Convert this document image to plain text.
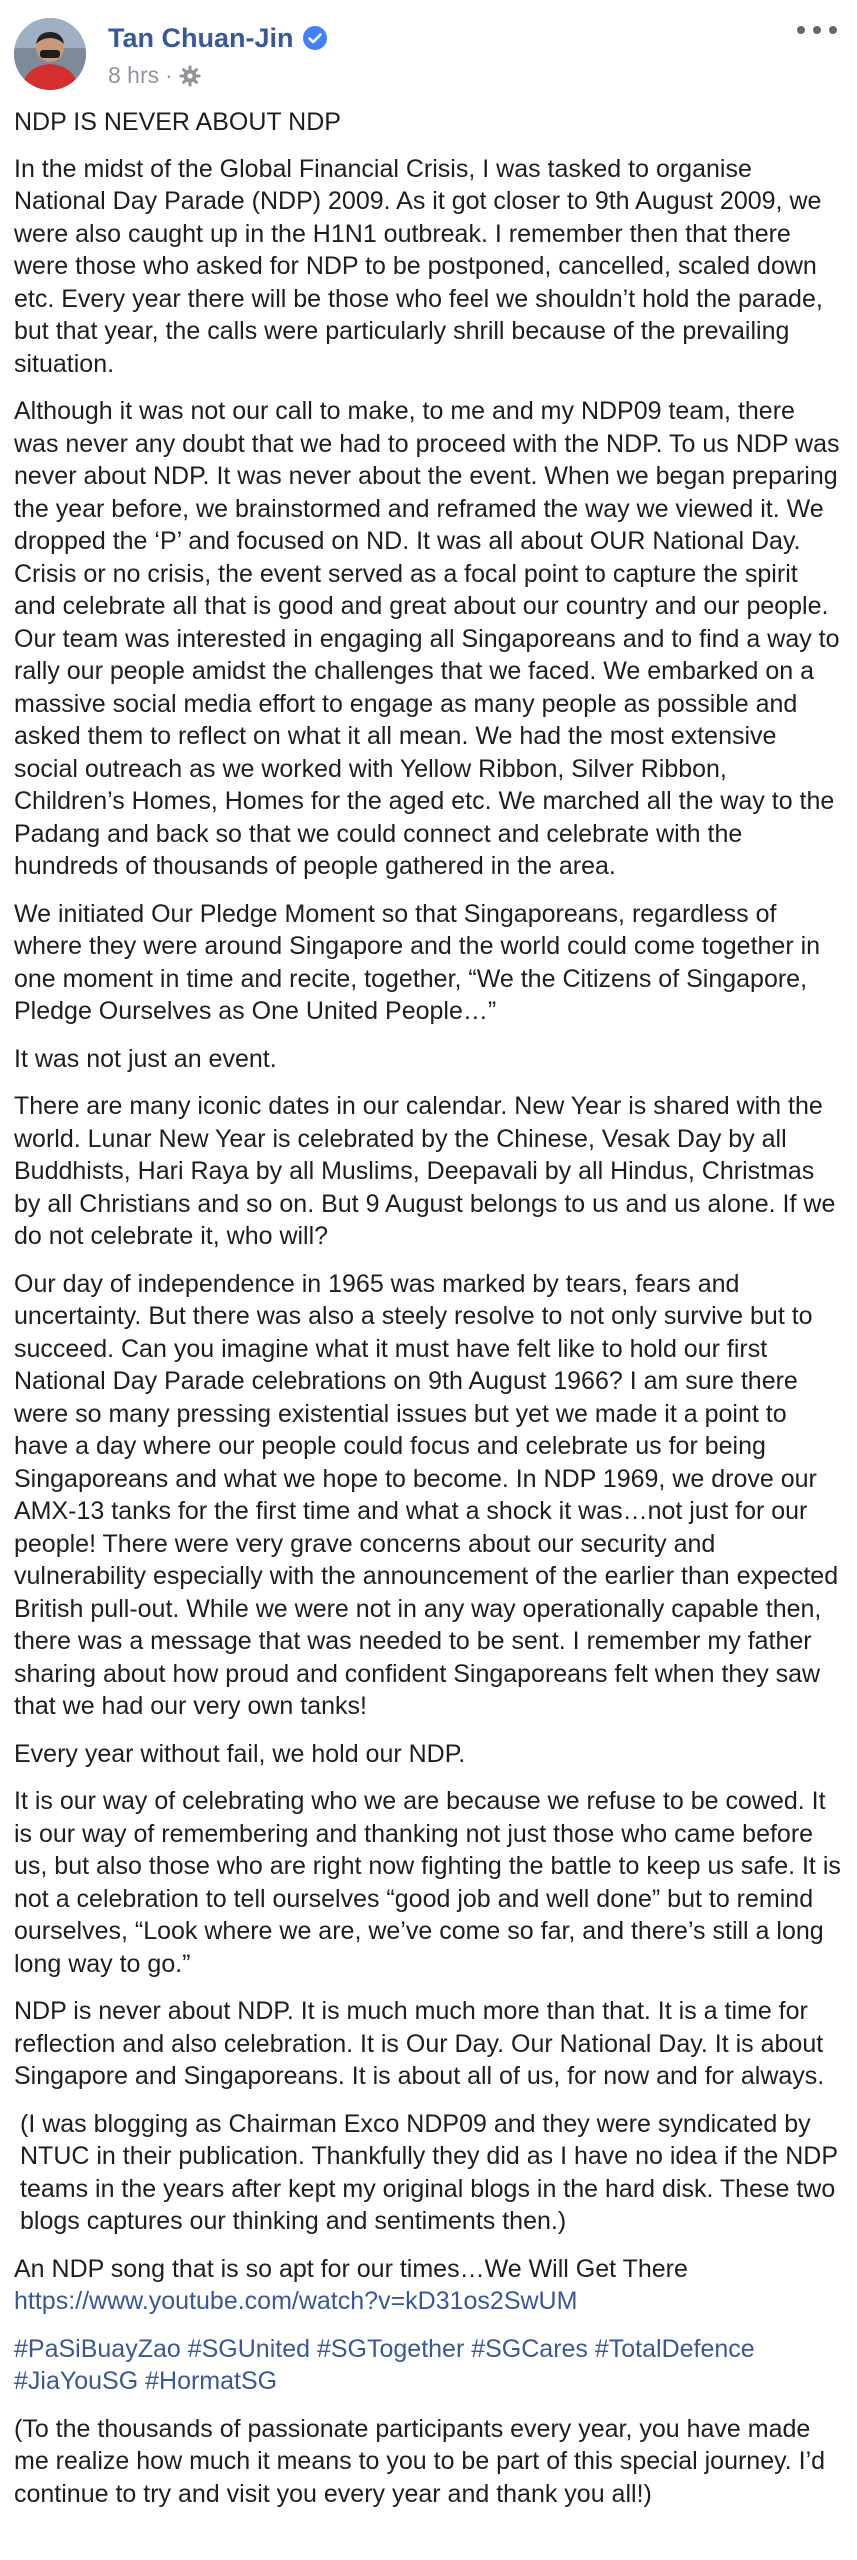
Tan Chuan-Jin
8 hrs ·

NDP IS NEVER ABOUT NDP

In the midst of the Global Financial Crisis, I was tasked to organise National Day Parade (NDP) 2009. As it got closer to 9th August 2009, we were also caught up in the H1N1 outbreak. I remember then that there were those who asked for NDP to be postponed, cancelled, scaled down etc. Every year there will be those who feel we shouldn’t hold the parade, but that year, the calls were particularly shrill because of the prevailing situation.

Although it was not our call to make, to me and my NDP09 team, there was never any doubt that we had to proceed with the NDP. To us NDP was never about NDP. It was never about the event. When we began preparing the year before, we brainstormed and reframed the way we viewed it. We dropped the ‘P’ and focused on ND. It was all about OUR National Day. Crisis or no crisis, the event served as a focal point to capture the spirit and celebrate all that is good and great about our country and our people. Our team was interested in engaging all Singaporeans and to find a way to rally our people amidst the challenges that we faced. We embarked on a massive social media effort to engage as many people as possible and asked them to reflect on what it all mean. We had the most extensive social outreach as we worked with Yellow Ribbon, Silver Ribbon, Children’s Homes, Homes for the aged etc. We marched all the way to the Padang and back so that we could connect and celebrate with the hundreds of thousands of people gathered in the area.

We initiated Our Pledge Moment so that Singaporeans, regardless of where they were around Singapore and the world could come together in one moment in time and recite, together, “We the Citizens of Singapore, Pledge Ourselves as One United People…”

It was not just an event.

There are many iconic dates in our calendar. New Year is shared with the world. Lunar New Year is celebrated by the Chinese, Vesak Day by all Buddhists, Hari Raya by all Muslims, Deepavali by all Hindus, Christmas by all Christians and so on. But 9 August belongs to us and us alone. If we do not celebrate it, who will?

Our day of independence in 1965 was marked by tears, fears and uncertainty. But there was also a steely resolve to not only survive but to succeed. Can you imagine what it must have felt like to hold our first National Day Parade celebrations on 9th August 1966? I am sure there were so many pressing existential issues but yet we made it a point to have a day where our people could focus and celebrate us for being Singaporeans and what we hope to become. In NDP 1969, we drove our AMX-13 tanks for the first time and what a shock it was…not just for our people! There were very grave concerns about our security and vulnerability especially with the announcement of the earlier than expected British pull-out. While we were not in any way operationally capable then, there was a message that was needed to be sent. I remember my father sharing about how proud and confident Singaporeans felt when they saw that we had our very own tanks!

Every year without fail, we hold our NDP.

It is our way of celebrating who we are because we refuse to be cowed. It is our way of remembering and thanking not just those who came before us, but also those who are right now fighting the battle to keep us safe. It is not a celebration to tell ourselves “good job and well done” but to remind ourselves, “Look where we are, we’ve come so far, and there’s still a long long way to go.”

NDP is never about NDP. It is much much more than that. It is a time for reflection and also celebration. It is Our Day. Our National Day. It is about Singapore and Singaporeans. It is about all of us, for now and for always.

(I was blogging as Chairman Exco NDP09 and they were syndicated by NTUC in their publication. Thankfully they did as I have no idea if the NDP teams in the years after kept my original blogs in the hard disk. These two blogs captures our thinking and sentiments then.)

An NDP song that is so apt for our times…We Will Get There
https://www.youtube.com/watch?v=kD31os2SwUM

#PaSiBuayZao #SGUnited #SGTogether #SGCares #TotalDefence #JiaYouSG #HormatSG

(To the thousands of passionate participants every year, you have made me realize how much it means to you to be part of this special journey. I’d continue to try and visit you every year and thank you all!)
